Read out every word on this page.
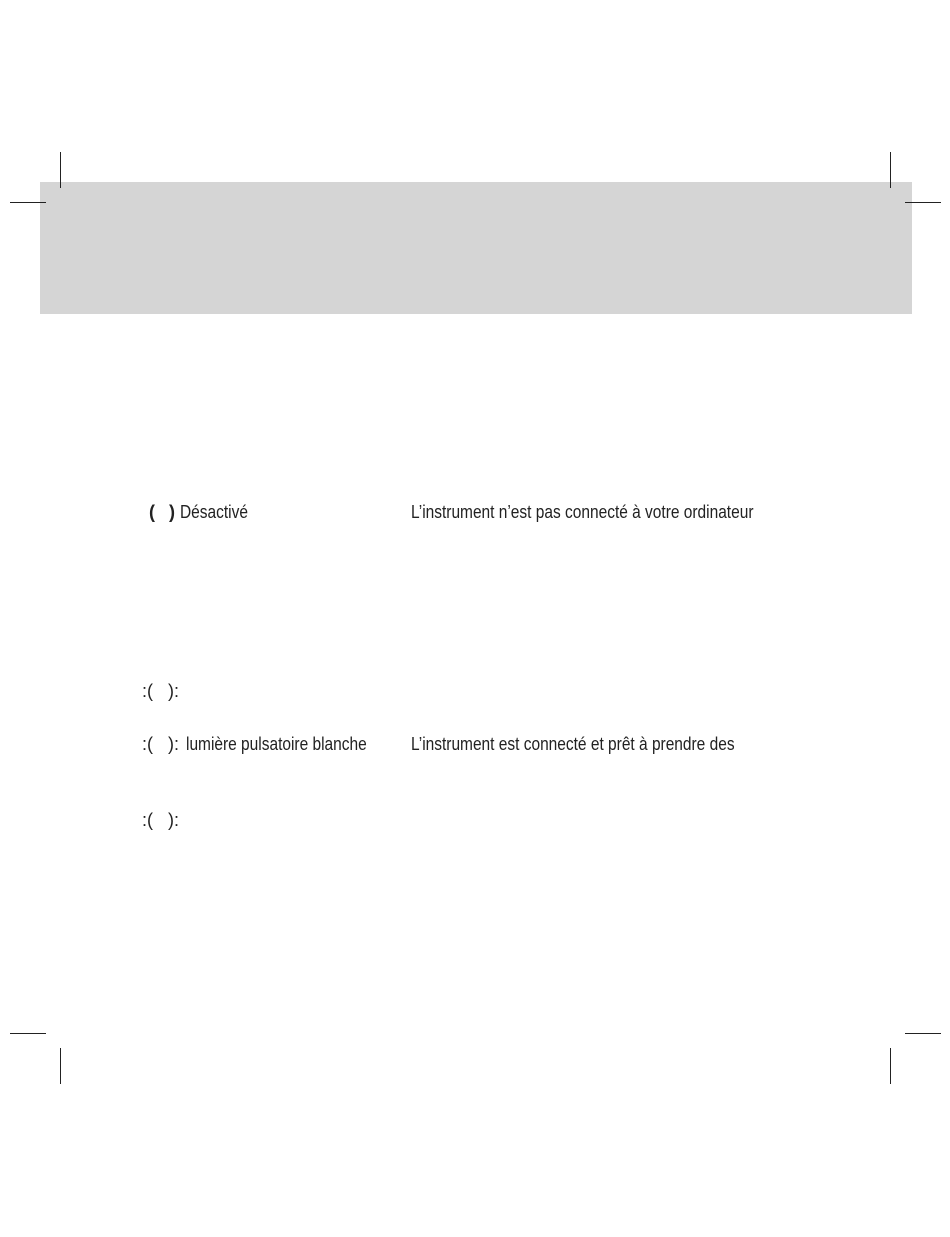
( ) Désactivé	L’instrument n’est pas connecté à votre ordinateur
:( ):
:( ): lumière pulsatoire blanche L’instrument est connecté et prêt à prendre des
:( ):
